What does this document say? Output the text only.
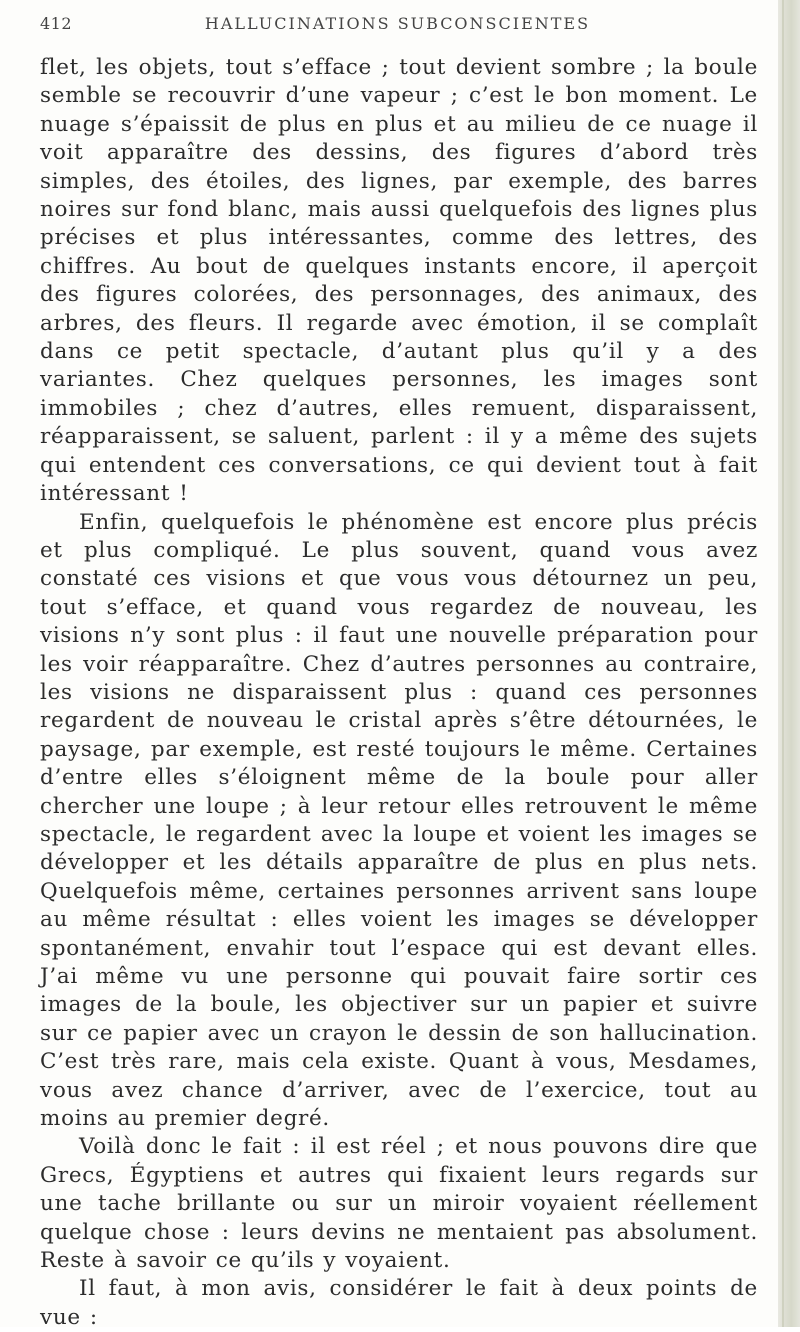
412	HALLUCINATIONS SUBCONSCIENTES

flet, les objets, tout s’efface ; tout devient sombre ; la boule semble se recouvrir d’une vapeur ; c’est le bon moment. Le nuage s’épaissit de plus en plus et au milieu de ce nuage il voit apparaître des dessins, des figures d’abord très simples, des étoiles, des lignes, par exemple, des barres noires sur fond blanc, mais aussi quelquefois des lignes plus précises et plus intéressantes, comme des lettres, des chiffres. Au bout de quelques instants encore, il aperçoit des figures colorées, des personnages, des animaux, des arbres, des fleurs. Il regarde avec émotion, il se complaît dans ce petit spectacle, d’autant plus qu’il y a des variantes. Chez quelques personnes, les images sont immobiles ; chez d’autres, elles remuent, disparaissent, réapparaissent, se saluent, parlent : il y a même des sujets qui entendent ces conversations, ce qui devient tout à fait intéressant !

Enfin, quelquefois le phénomène est encore plus précis et plus compliqué. Le plus souvent, quand vous avez constaté ces visions et que vous vous détournez un peu, tout s’efface, et quand vous regardez de nouveau, les visions n’y sont plus : il faut une nouvelle préparation pour les voir réapparaître. Chez d’autres personnes au contraire, les visions ne disparaissent plus : quand ces personnes regardent de nouveau le cristal après s’être détournées, le paysage, par exemple, est resté toujours le même. Certaines d’entre elles s’éloignent même de la boule pour aller chercher une loupe ; à leur retour elles retrouvent le même spectacle, le regardent avec la loupe et voient les images se développer et les détails apparaître de plus en plus nets. Quelquefois même, certaines personnes arrivent sans loupe au même résultat : elles voient les images se développer spontanément, envahir tout l’espace qui est devant elles. J’ai même vu une personne qui pouvait faire sortir ces images de la boule, les objectiver sur un papier et suivre sur ce papier avec un crayon le dessin de son hallucination. C’est très rare, mais cela existe. Quant à vous, Mesdames, vous avez chance d’arriver, avec de l’exercice, tout au moins au premier degré.

Voilà donc le fait : il est réel ; et nous pouvons dire que Grecs, Égyptiens et autres qui fixaient leurs regards sur une tache brillante ou sur un miroir voyaient réellement quelque chose : leurs devins ne mentaient pas absolument. Reste à savoir ce qu’ils y voyaient.

Il faut, à mon avis, considérer le fait à deux points de vue :
